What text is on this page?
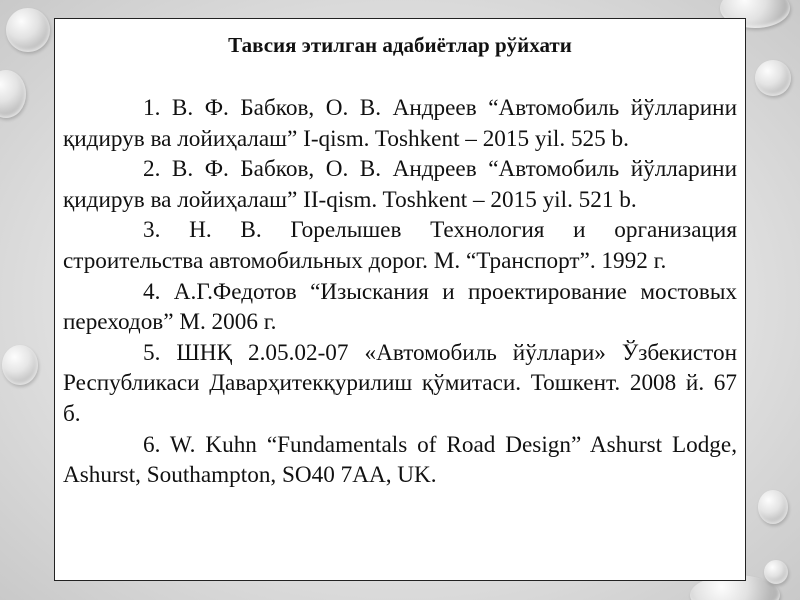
Тавсия этилган адабиётлар рўйхати
1. В. Ф. Бабков, О. В. Андреев “Автомобиль йўлларини қидирув ва лойиҳалаш” I-qism. Toshkent – 2015 yil. 525 b.
2. В. Ф. Бабков, О. В. Андреев “Автомобиль йўлларини қидирув ва лойиҳалаш” II-qism. Toshkent – 2015 yil. 521 b.
3. Н. В. Горелышев Технология и организация строительства автомобильных дорог. М. “Транспорт”. 1992 г.
4. А.Г.Федотов “Изыскания и проектирование мостовых переходов” М. 2006 г.
5. ШНҚ 2.05.02-07 «Автомобиль йўллари» Ўзбекистон Республикаси Даварҳитекқурилиш қўмитаси. Тошкент. 2008 й. 67 б.
6. W. Kuhn “Fundamentals of Road Design” Ashurst Lodge, Ashurst, Southampton, SO40 7AA, UK.
